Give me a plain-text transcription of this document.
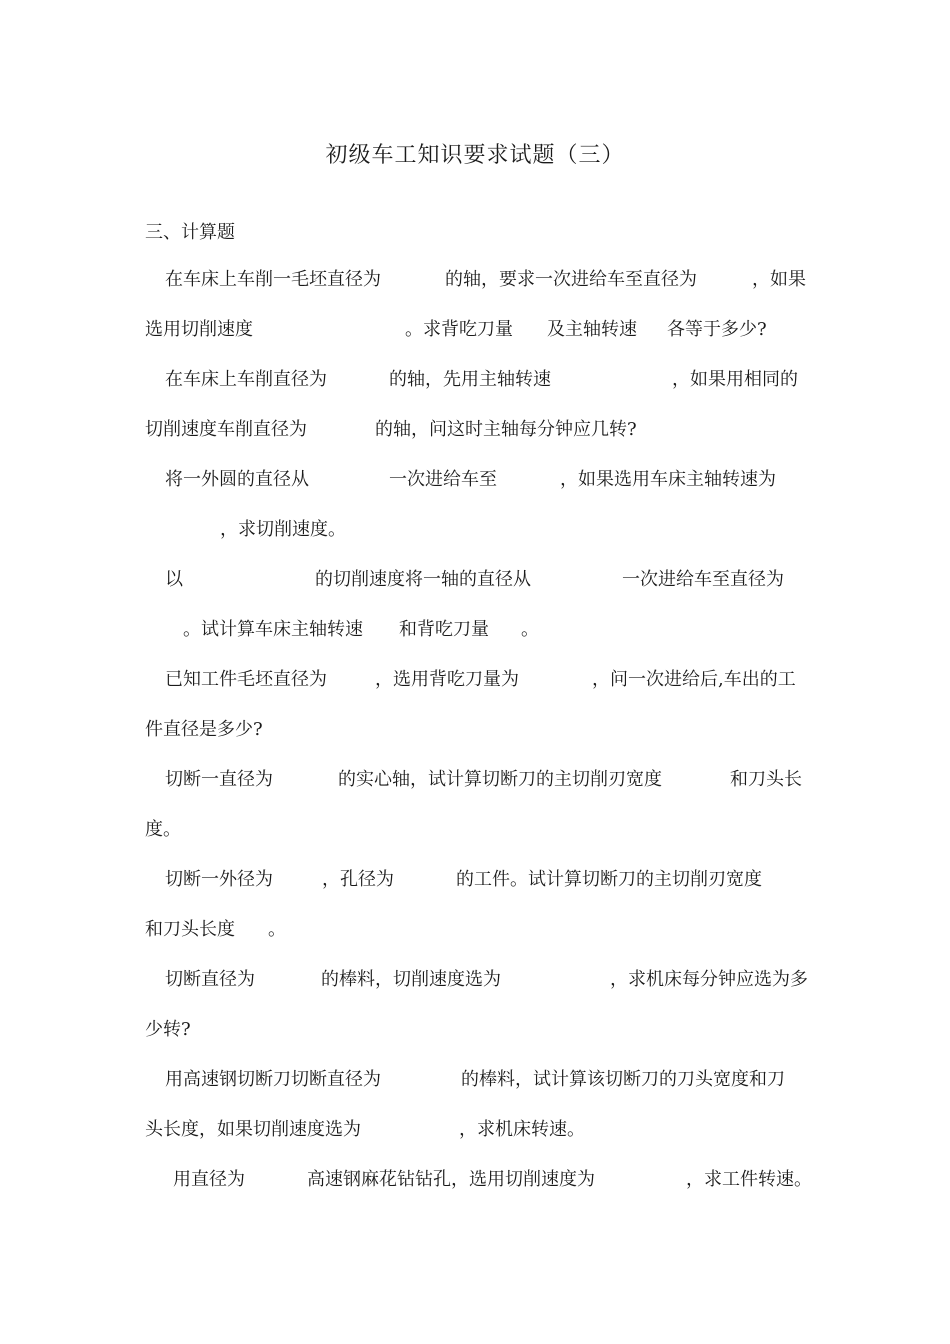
初级车工知识要求试题（三）
三、计算题
在车床上车削一毛坯直径为	的轴，要求一次进给车至直径为	，如果
选用切削速度	。求背吃刀量 及主轴转速 各等于多少?
在车床上车削直径为	的轴，先用主轴转速	，如果用相同的
切削速度车削直径为	的轴，问这时主轴每分钟应几转?
将一外圆的直径从	一次进给车至	，如果选用车床主轴转速为
，求切削速度。
以	的切削速度将一轴的直径从	一次进给车至直径为
。试计算车床主轴转速 和背吃刀量 。
已知工件毛坯直径为	，选用背吃刀量为	，问一次进给后,车出的工
件直径是多少?
切断一直径为	的实心轴，试计算切断刀的主切削刃宽度	和刀头长
度。
切断一外径为	，孔径为	的工件。试计算切断刀的主切削刃宽度
和刀头长度 。
切断直径为	的棒料，切削速度选为	，求机床每分钟应选为多
少转?
用高速钢切断刀切断直径为	的棒料，试计算该切断刀的刀头宽度和刀
头长度，如果切削速度选为	，求机床转速。
用直径为	高速钢麻花钻钻孔，选用切削速度为	，求工件转速。
